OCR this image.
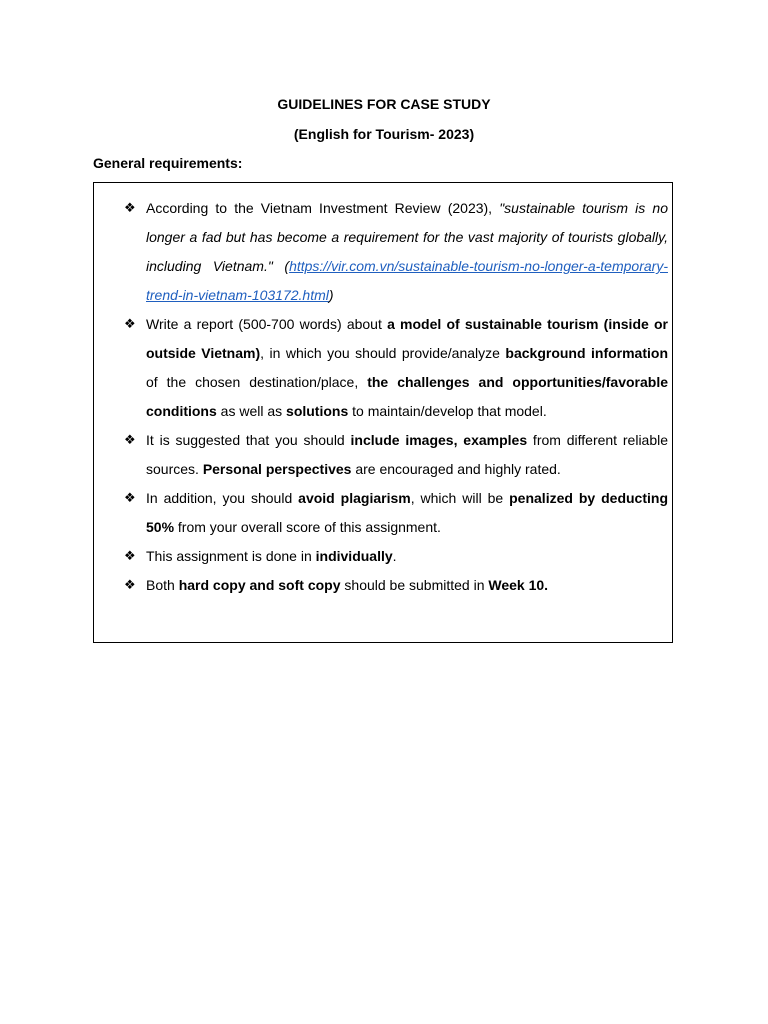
GUIDELINES FOR CASE STUDY
(English for Tourism- 2023)
General requirements:
❖ According to the Vietnam Investment Review (2023), "sustainable tourism is no longer a fad but has become a requirement for the vast majority of tourists globally, including Vietnam." (https://vir.com.vn/sustainable-tourism-no-longer-a-temporary-trend-in-vietnam-103172.html)
❖ Write a report (500-700 words) about a model of sustainable tourism (inside or outside Vietnam), in which you should provide/analyze background information of the chosen destination/place, the challenges and opportunities/favorable conditions as well as solutions to maintain/develop that model.
❖ It is suggested that you should include images, examples from different reliable sources. Personal perspectives are encouraged and highly rated.
❖ In addition, you should avoid plagiarism, which will be penalized by deducting 50% from your overall score of this assignment.
❖ This assignment is done in individually.
❖ Both hard copy and soft copy should be submitted in Week 10.
